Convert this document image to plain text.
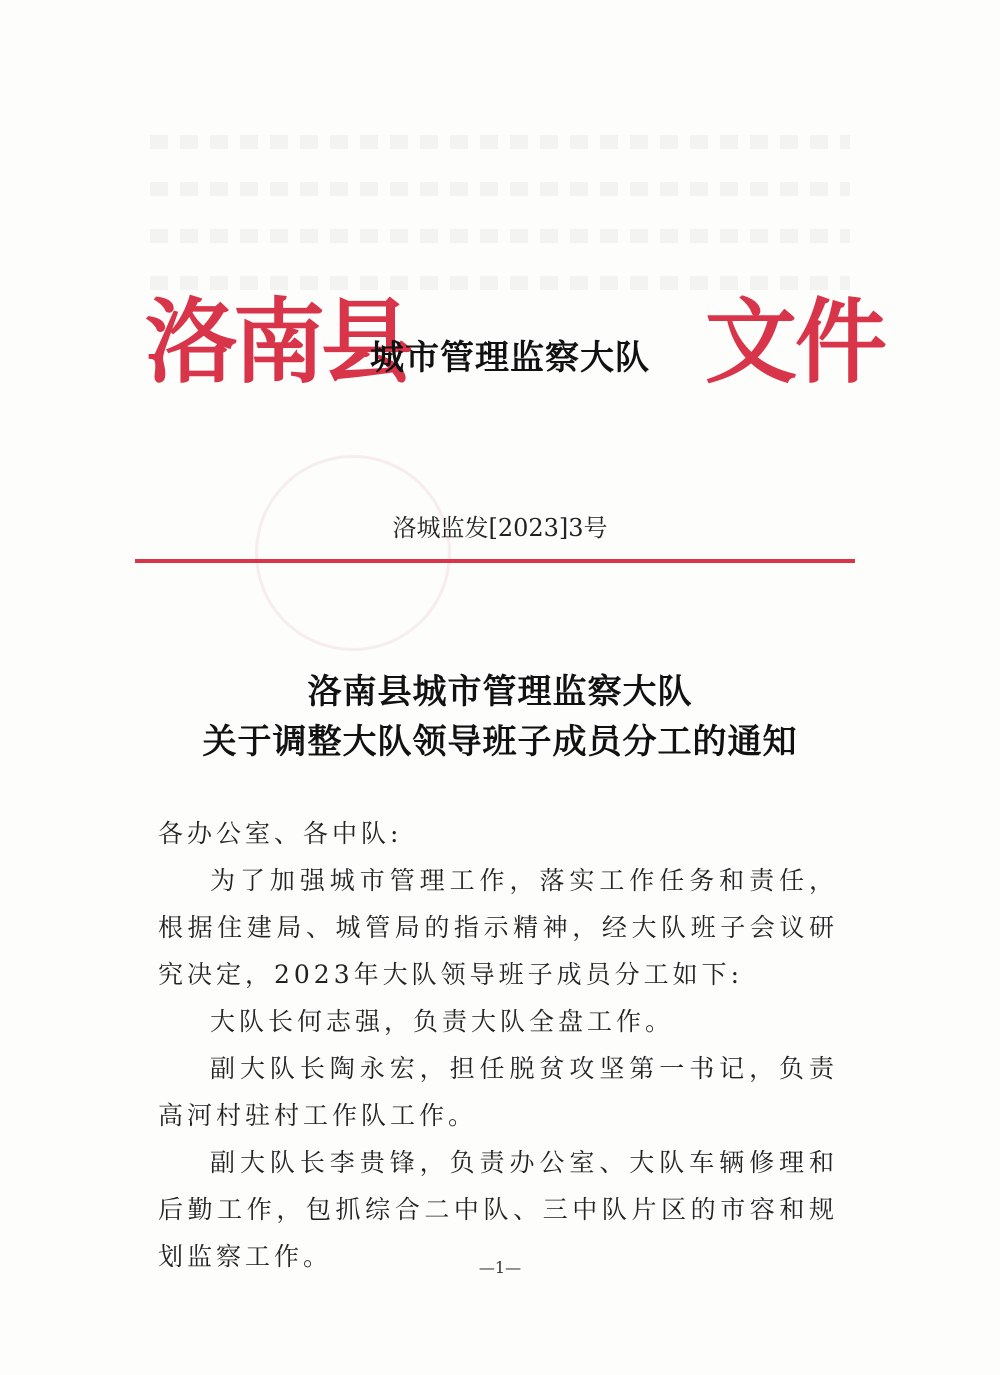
洛南县
城市管理监察大队 文件
洛城监发[2023]3号
洛南县城市管理监察大队
关于调整大队领导班子成员分工的通知
各办公室、各中队:
为了加强城市管理工作，落实工作任务和责任，根据住建局、城管局的指示精神，经大队班子会议研究决定，2023年大队领导班子成员分工如下:
大队长何志强，负责大队全盘工作。
副大队长陶永宏，担任脱贫攻坚第一书记，负责高河村驻村工作队工作。
副大队长李贵锋，负责办公室、大队车辆修理和后勤工作，包抓综合二中队、三中队片区的市容和规划监察工作。	—1—
